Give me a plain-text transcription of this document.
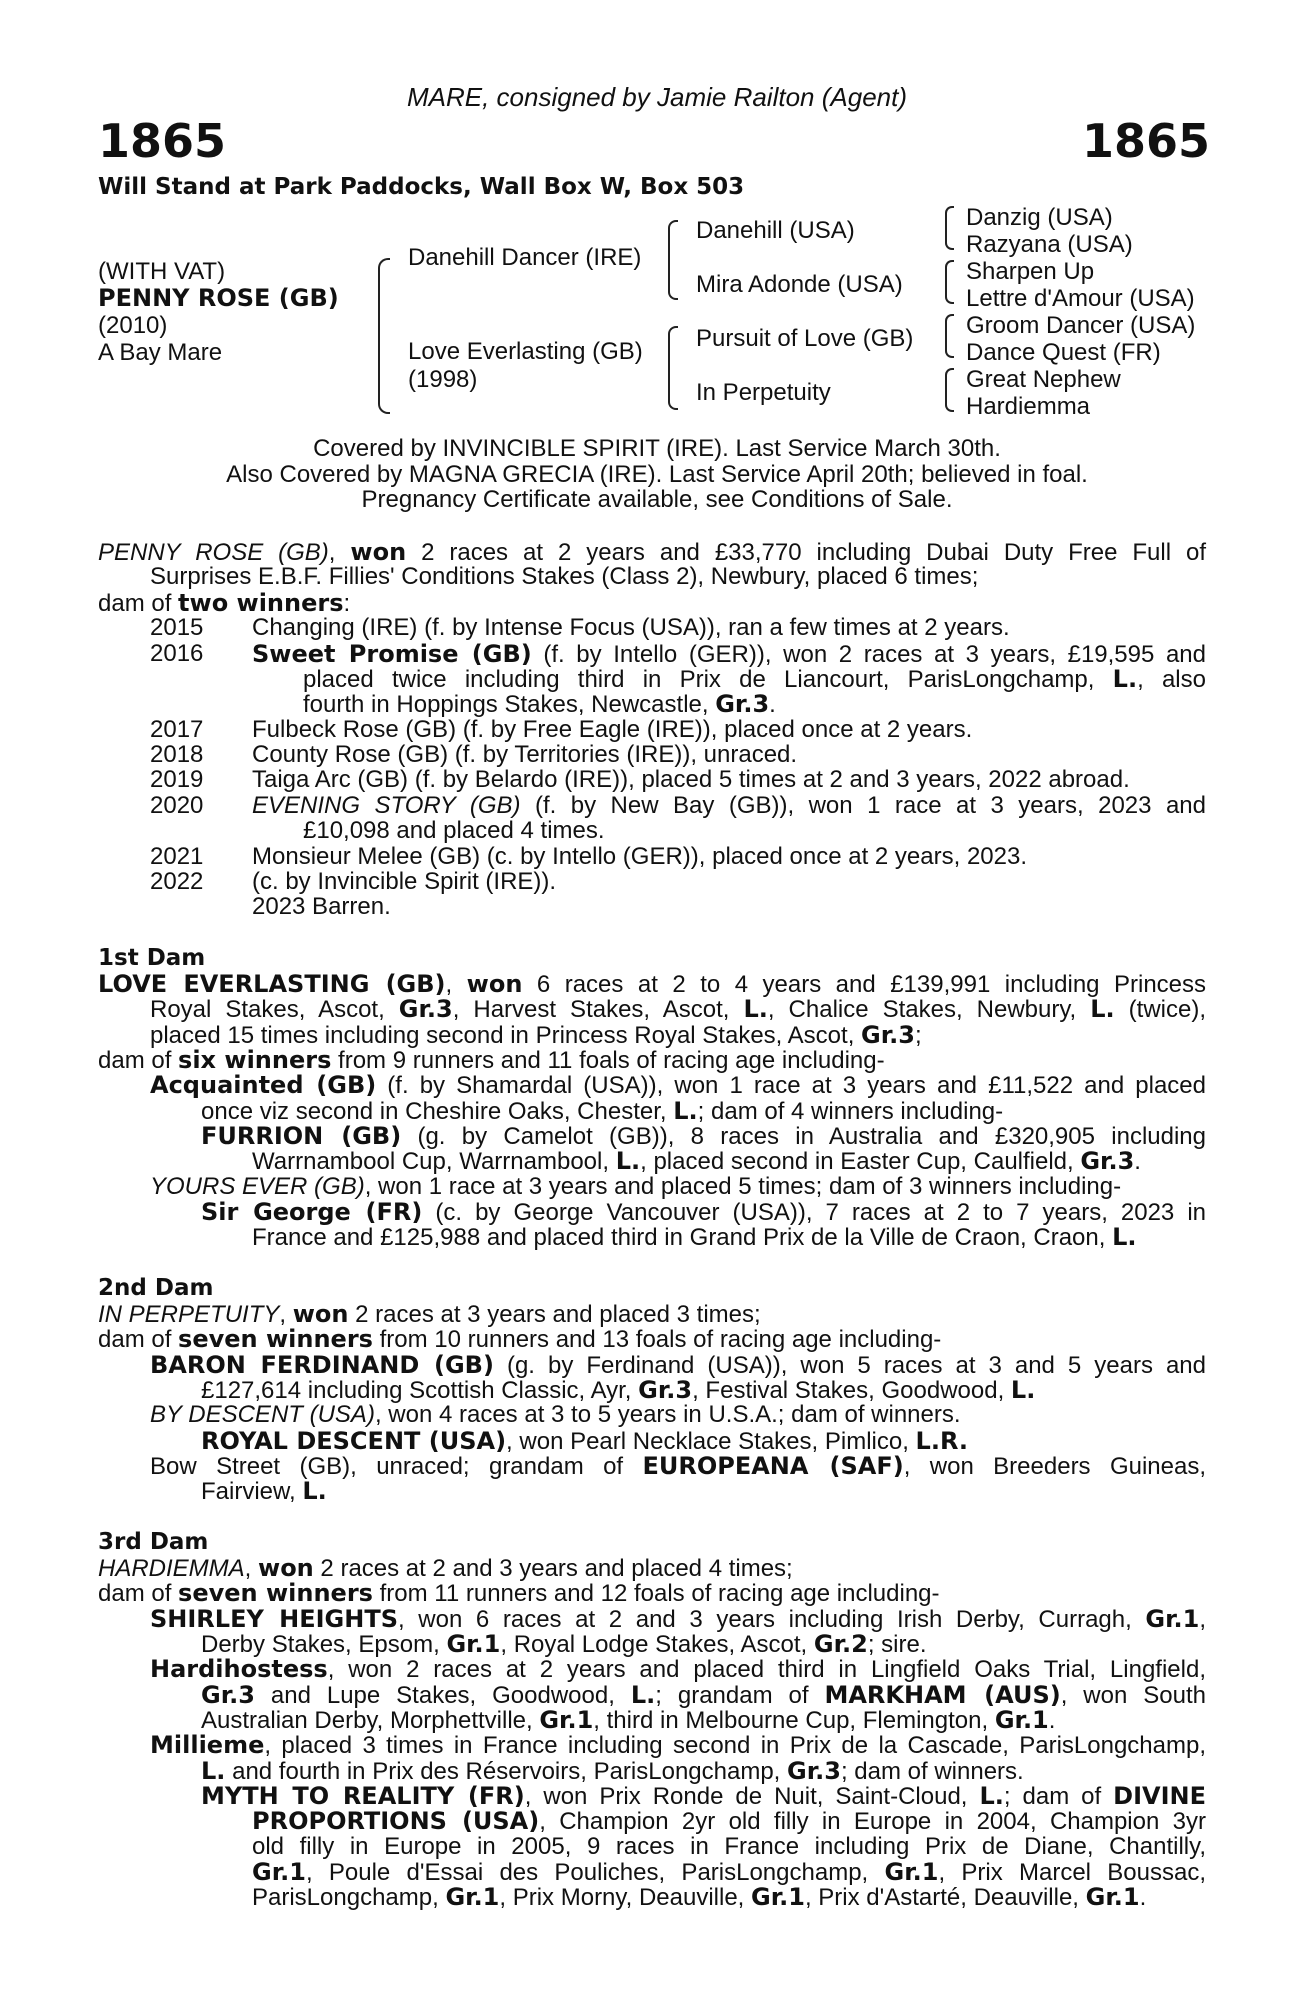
MARE, consigned by Jamie Railton (Agent)
1865	1865
Will Stand at Park Paddocks, Wall Box W, Box 503
(WITH VAT)
PENNY ROSE (GB)
(2010)
A Bay Mare
Danehill Dancer (IRE)
Love Everlasting (GB)
(1998)
Danehill (USA)
Mira Adonde (USA)
Pursuit of Love (GB)
In Perpetuity
Danzig (USA)
Razyana (USA)
Sharpen Up
Lettre d'Amour (USA)
Groom Dancer (USA)
Dance Quest (FR)
Great Nephew
Hardiemma
Covered by INVINCIBLE SPIRIT (IRE). Last Service March 30th.
Also Covered by MAGNA GRECIA (IRE). Last Service April 20th; believed in foal.
Pregnancy Certificate available, see Conditions of Sale.
PENNY ROSE (GB), won 2 races at 2 years and £33,770 including Dubai Duty Free Full of
Surprises E.B.F. Fillies' Conditions Stakes (Class 2), Newbury, placed 6 times;
dam of two winners:
2015 Changing (IRE) (f. by Intense Focus (USA)), ran a few times at 2 years.
2016 Sweet Promise (GB) (f. by Intello (GER)), won 2 races at 3 years, £19,595 and
placed twice including third in Prix de Liancourt, ParisLongchamp, L., also
fourth in Hoppings Stakes, Newcastle, Gr.3.
2017 Fulbeck Rose (GB) (f. by Free Eagle (IRE)), placed once at 2 years.
2018 County Rose (GB) (f. by Territories (IRE)), unraced.
2019 Taiga Arc (GB) (f. by Belardo (IRE)), placed 5 times at 2 and 3 years, 2022 abroad.
2020 EVENING STORY (GB) (f. by New Bay (GB)), won 1 race at 3 years, 2023 and
£10,098 and placed 4 times.
2021 Monsieur Melee (GB) (c. by Intello (GER)), placed once at 2 years, 2023.
2022 (c. by Invincible Spirit (IRE)).
2023 Barren.
1st Dam
LOVE EVERLASTING (GB), won 6 races at 2 to 4 years and £139,991 including Princess
Royal Stakes, Ascot, Gr.3, Harvest Stakes, Ascot, L., Chalice Stakes, Newbury, L. (twice),
placed 15 times including second in Princess Royal Stakes, Ascot, Gr.3;
dam of six winners from 9 runners and 11 foals of racing age including-
Acquainted (GB) (f. by Shamardal (USA)), won 1 race at 3 years and £11,522 and placed
once viz second in Cheshire Oaks, Chester, L.; dam of 4 winners including-
FURRION (GB) (g. by Camelot (GB)), 8 races in Australia and £320,905 including
Warrnambool Cup, Warrnambool, L., placed second in Easter Cup, Caulfield, Gr.3.
YOURS EVER (GB), won 1 race at 3 years and placed 5 times; dam of 3 winners including-
Sir George (FR) (c. by George Vancouver (USA)), 7 races at 2 to 7 years, 2023 in
France and £125,988 and placed third in Grand Prix de la Ville de Craon, Craon, L.
2nd Dam
IN PERPETUITY, won 2 races at 3 years and placed 3 times;
dam of seven winners from 10 runners and 13 foals of racing age including-
BARON FERDINAND (GB) (g. by Ferdinand (USA)), won 5 races at 3 and 5 years and
£127,614 including Scottish Classic, Ayr, Gr.3, Festival Stakes, Goodwood, L.
BY DESCENT (USA), won 4 races at 3 to 5 years in U.S.A.; dam of winners.
ROYAL DESCENT (USA), won Pearl Necklace Stakes, Pimlico, L.R.
Bow Street (GB), unraced; grandam of EUROPEANA (SAF), won Breeders Guineas,
Fairview, L.
3rd Dam
HARDIEMMA, won 2 races at 2 and 3 years and placed 4 times;
dam of seven winners from 11 runners and 12 foals of racing age including-
SHIRLEY HEIGHTS, won 6 races at 2 and 3 years including Irish Derby, Curragh, Gr.1,
Derby Stakes, Epsom, Gr.1, Royal Lodge Stakes, Ascot, Gr.2; sire.
Hardihostess, won 2 races at 2 years and placed third in Lingfield Oaks Trial, Lingfield,
Gr.3 and Lupe Stakes, Goodwood, L.; grandam of MARKHAM (AUS), won South
Australian Derby, Morphettville, Gr.1, third in Melbourne Cup, Flemington, Gr.1.
Millieme, placed 3 times in France including second in Prix de la Cascade, ParisLongchamp,
L. and fourth in Prix des Réservoirs, ParisLongchamp, Gr.3; dam of winners.
MYTH TO REALITY (FR), won Prix Ronde de Nuit, Saint-Cloud, L.; dam of DIVINE
PROPORTIONS (USA), Champion 2yr old filly in Europe in 2004, Champion 3yr
old filly in Europe in 2005, 9 races in France including Prix de Diane, Chantilly,
Gr.1, Poule d'Essai des Pouliches, ParisLongchamp, Gr.1, Prix Marcel Boussac,
ParisLongchamp, Gr.1, Prix Morny, Deauville, Gr.1, Prix d'Astarté, Deauville, Gr.1.
